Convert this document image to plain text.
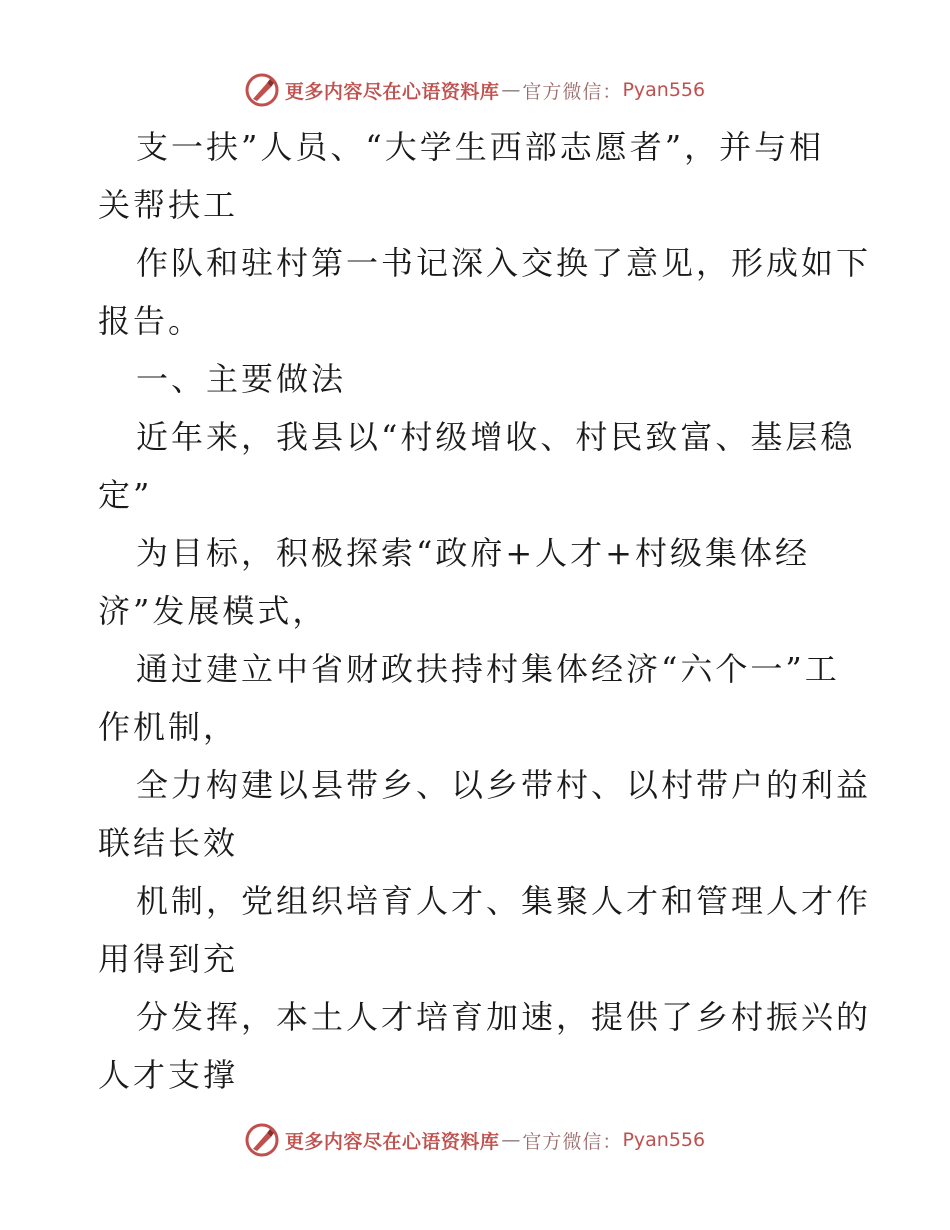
更多内容尽在心语资料库 — 官方微信： Pyan556
支一扶”人员、“大学生西部志愿者”，并与相
关帮扶工
作队和驻村第一书记深入交换了意见，形成如下
报告。
一、主要做法
近年来，我县以“村级增收、村民致富、基层稳
定”
为目标，积极探索“政府+人才+村级集体经
济”发展模式，
通过建立中省财政扶持村集体经济“六个一”工
作机制，
全力构建以县带乡、以乡带村、以村带户的利益
联结长效
机制，党组织培育人才、集聚人才和管理人才作
用得到充
分发挥，本土人才培育加速，提供了乡村振兴的
人才支撑
更多内容尽在心语资料库 — 官方微信： Pyan556
